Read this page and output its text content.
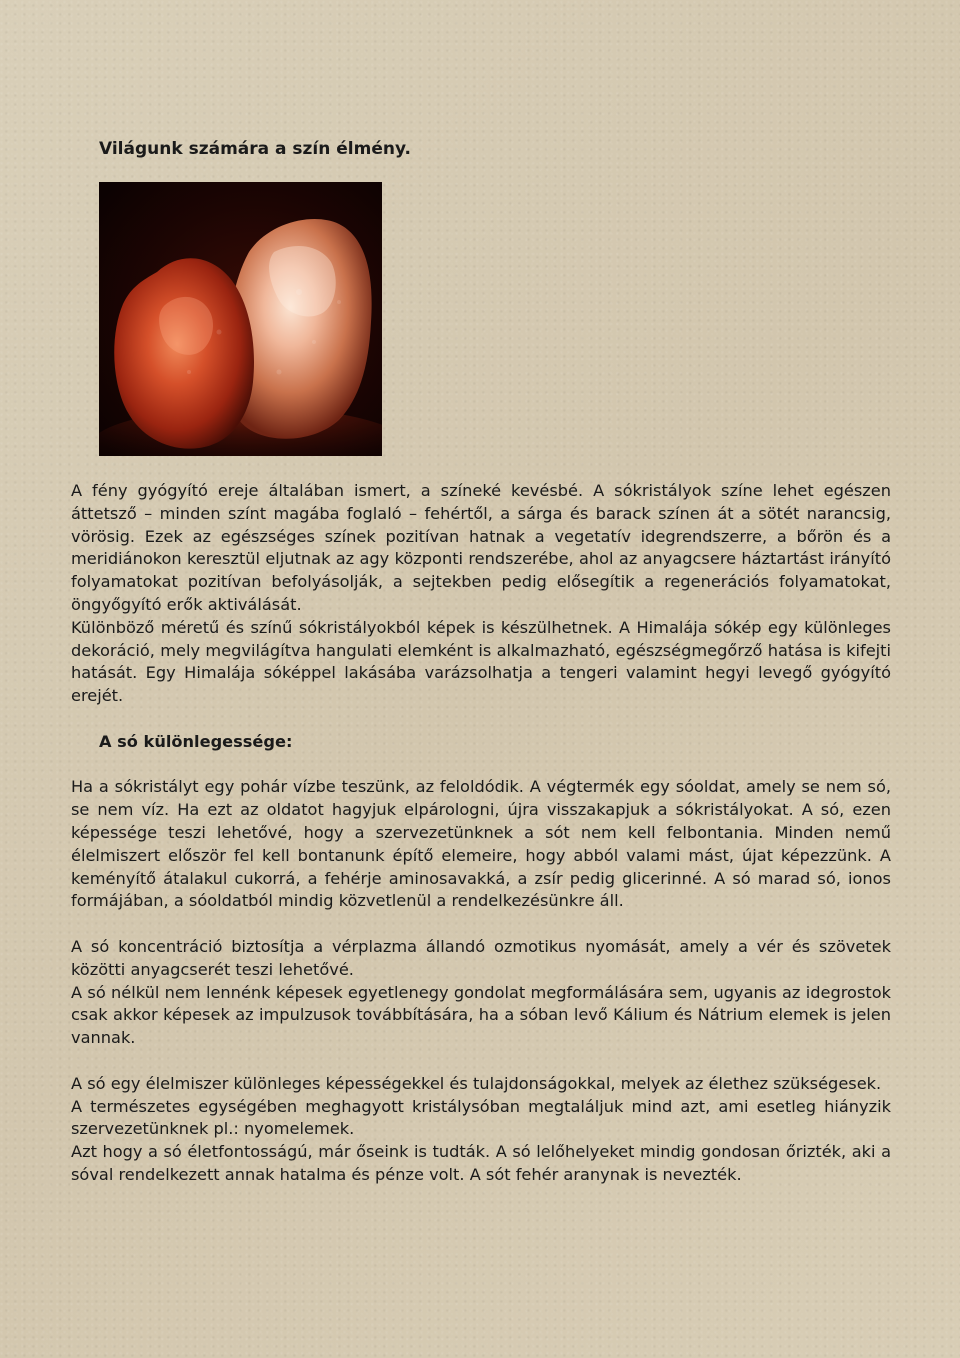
Világunk számára a szín élmény.

A fény gyógyító ereje általában ismert, a színeké kevésbé. A sókristályok színe lehet egészen áttetsző – minden színt magába foglaló – fehértől, a sárga és barack színen át a sötét narancsig, vörösig. Ezek az egészséges színek pozitívan hatnak a vegetatív idegrendszerre, a bőrön és a meridiánokon keresztül eljutnak az agy központi rendszerébe, ahol az anyagcsere háztartást irányító folyamatokat pozitívan befolyásolják, a sejtekben pedig elősegítik a regenerációs folyamatokat, öngyőgyító erők aktiválását.

Különböző méretű és színű sókristályokból képek is készülhetnek. A Himalája sókép egy különleges dekoráció, mely megvilágítva hangulati elemként is alkalmazható, egészségmegőrző hatása is kifejti hatását. Egy Himalája sóképpel lakásába varázsolhatja a tengeri valamint hegyi levegő gyógyító erejét.

A só különlegessége:

Ha a sókristályt egy pohár vízbe teszünk, az feloldódik. A végtermék egy sóoldat, amely se nem só, se nem víz. Ha ezt az oldatot hagyjuk elpárologni, újra visszakapjuk a sókristályokat. A só, ezen képessége teszi lehetővé, hogy a szervezetünknek a sót nem kell felbontania. Minden nemű élelmiszert először fel kell bontanunk építő elemeire, hogy abból valami mást, újat képezzünk. A keményítő átalakul cukorrá, a fehérje aminosavakká, a zsír pedig glicerinné. A só marad só, ionos formájában, a sóoldatból mindig közvetlenül a rendelkezésünkre áll.

A só koncentráció biztosítja a vérplazma állandó ozmotikus nyomását, amely a vér és szövetek közötti anyagcserét teszi lehetővé.

A só nélkül nem lennénk képesek egyetlenegy gondolat megformálására sem, ugyanis az idegrostok csak akkor képesek az impulzusok továbbítására, ha a sóban levő Kálium és Nátrium elemek is jelen vannak.

A só egy élelmiszer különleges képességekkel és tulajdonságokkal, melyek az élethez szükségesek.

A természetes egységében meghagyott kristálysóban megtaláljuk mind azt, ami esetleg hiányzik szervezetünknek pl.: nyomelemek.

Azt hogy a só életfontosságú, már őseink is tudták. A só lelőhelyeket mindig gondosan őrizték, aki a sóval rendelkezett annak hatalma és pénze volt. A sót fehér aranynak is nevezték.
